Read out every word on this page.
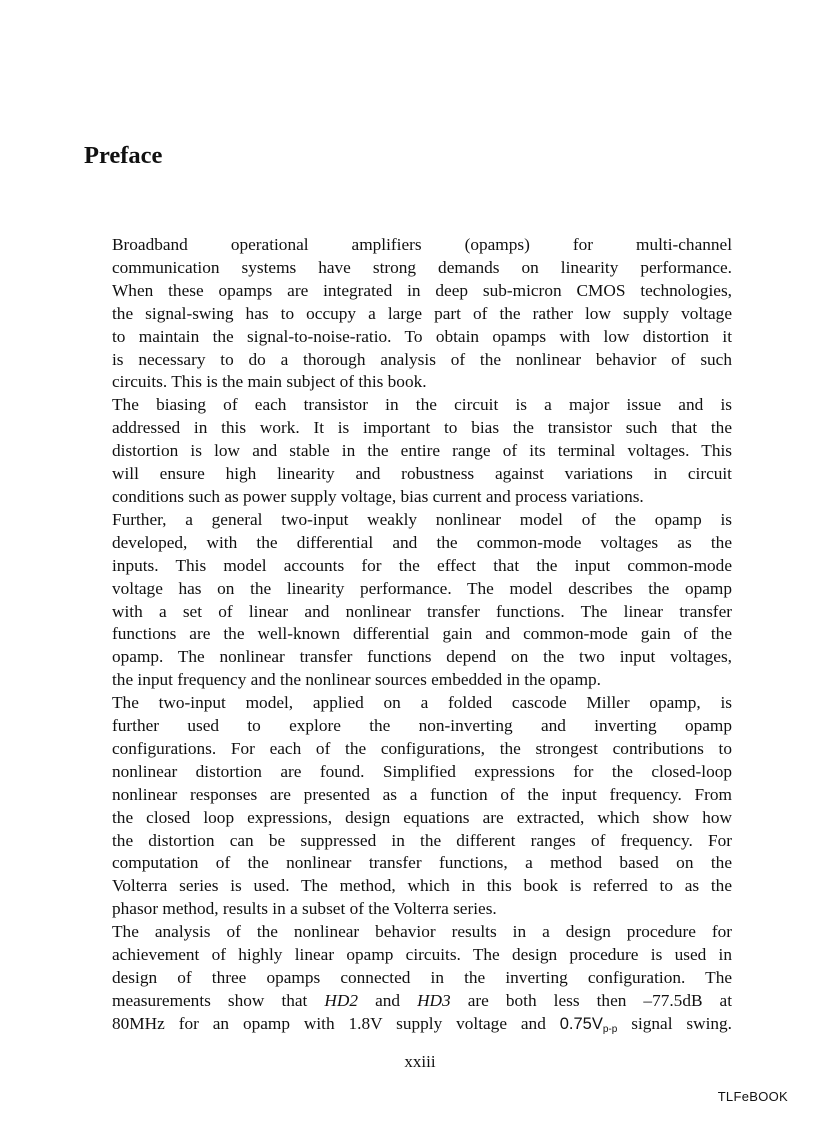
Preface

Broadband operational amplifiers (opamps) for multi-channel
communication systems have strong demands on linearity performance.
When these opamps are integrated in deep sub-micron CMOS technologies,
the signal-swing has to occupy a large part of the rather low supply voltage
to maintain the signal-to-noise-ratio. To obtain opamps with low distortion it
is necessary to do a thorough analysis of the nonlinear behavior of such
circuits. This is the main subject of this book.

The biasing of each transistor in the circuit is a major issue and is
addressed in this work. It is important to bias the transistor such that the
distortion is low and stable in the entire range of its terminal voltages. This
will ensure high linearity and robustness against variations in circuit
conditions such as power supply voltage, bias current and process variations.

Further, a general two-input weakly nonlinear model of the opamp is
developed, with the differential and the common-mode voltages as the
inputs. This model accounts for the effect that the input common-mode
voltage has on the linearity performance. The model describes the opamp
with a set of linear and nonlinear transfer functions. The linear transfer
functions are the well-known differential gain and common-mode gain of the
opamp. The nonlinear transfer functions depend on the two input voltages,
the input frequency and the nonlinear sources embedded in the opamp.

The two-input model, applied on a folded cascode Miller opamp, is
further used to explore the non-inverting and inverting opamp
configurations. For each of the configurations, the strongest contributions to
nonlinear distortion are found. Simplified expressions for the closed-loop
nonlinear responses are presented as a function of the input frequency. From
the closed loop expressions, design equations are extracted, which show how
the distortion can be suppressed in the different ranges of frequency. For
computation of the nonlinear transfer functions, a method based on the
Volterra series is used. The method, which in this book is referred to as the
phasor method, results in a subset of the Volterra series.

The analysis of the nonlinear behavior results in a design procedure for
achievement of highly linear opamp circuits. The design procedure is used in
design of three opamps connected in the inverting configuration. The
measurements show that HD2 and HD3 are both less then –77.5dB at
80MHz for an opamp with 1.8V supply voltage and $0.75V_{p-p}$ signal swing.

xxiii
TLFeBOOK
